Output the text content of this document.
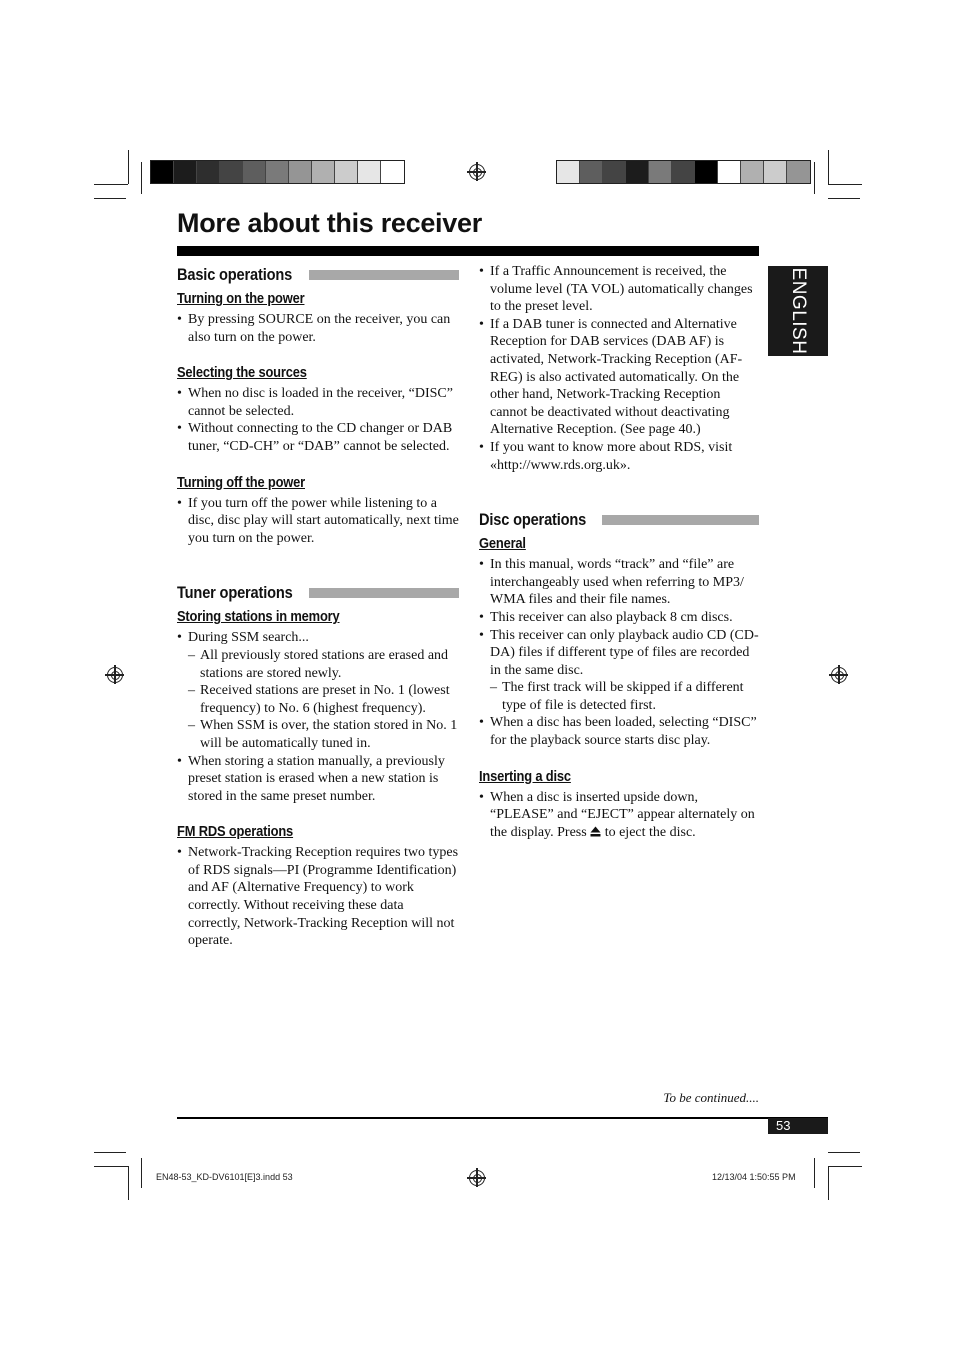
More about this receiver
ENGLISH
Basic operations
Turning on the power
• By pressing SOURCE on the receiver, you can also turn on the power.
Selecting the sources
• When no disc is loaded in the receiver, “DISC” cannot be selected.
• Without connecting to the CD changer or DAB tuner, “CD-CH” or “DAB” cannot be selected.
Turning off the power
• If you turn off the power while listening to a disc, disc play will start automatically, next time you turn on the power.
Tuner operations
Storing stations in memory
• During SSM search...
– All previously stored stations are erased and stations are stored newly.
– Received stations are preset in No. 1 (lowest frequency) to No. 6 (highest frequency).
– When SSM is over, the station stored in No. 1 will be automatically tuned in.
• When storing a station manually, a previously preset station is erased when a new station is stored in the same preset number.
FM RDS operations
• Network-Tracking Reception requires two types of RDS signals—PI (Programme Identification) and AF (Alternative Frequency) to work correctly. Without receiving these data correctly, Network-Tracking Reception will not operate.
• If a Traffic Announcement is received, the volume level (TA VOL) automatically changes to the preset level.
• If a DAB tuner is connected and Alternative Reception for DAB services (DAB AF) is activated, Network-Tracking Reception (AF-REG) is also activated automatically. On the other hand, Network-Tracking Reception cannot be deactivated without deactivating Alternative Reception. (See page 40.)
• If you want to know more about RDS, visit «http://www.rds.org.uk».
Disc operations
General
• In this manual, words “track” and “file” are interchangeably used when referring to MP3/ WMA files and their file names.
• This receiver can also playback 8 cm discs.
• This receiver can only playback audio CD (CD-DA) files if different type of files are recorded in the same disc.
– The first track will be skipped if a different type of file is detected first.
• When a disc has been loaded, selecting “DISC” for the playback source starts disc play.
Inserting a disc
• When a disc is inserted upside down, “PLEASE” and “EJECT” appear alternately on the display. Press to eject the disc.
To be continued....
53
EN48-53_KD-DV6101[E]3.indd 53	12/13/04 1:50:55 PM
